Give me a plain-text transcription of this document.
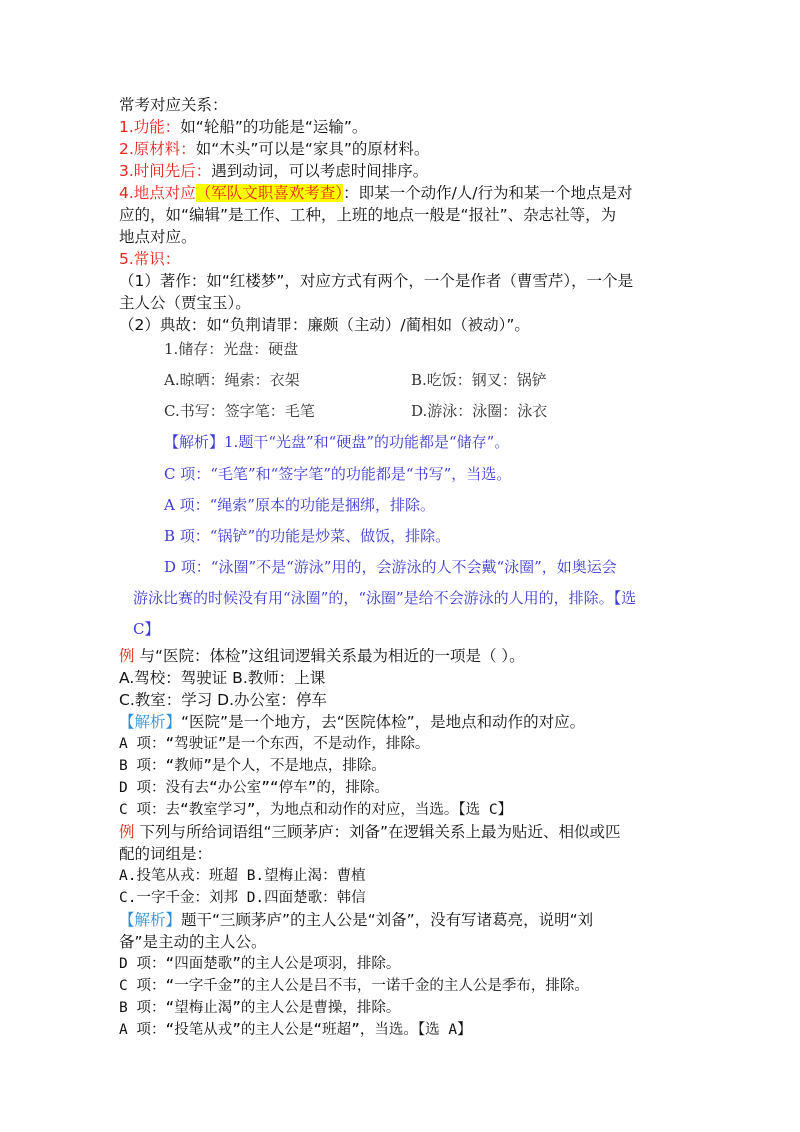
常考对应关系：
1.功能：如“轮船”的功能是“运输”。
2.原材料：如“木头”可以是“家具”的原材料。
3.时间先后：遇到动词，可以考虑时间排序。
4.地点对应（军队文职喜欢考查）：即某一个动作/人/行为和某一个地点是对
应的，如“编辑”是工作、工种，上班的地点一般是“报社”、杂志社等，为
地点对应。
5.常识：
（1）著作：如“红楼梦”，对应方式有两个，一个是作者（曹雪芹），一个是
主人公（贾宝玉）。
（2）典故：如“负荆请罪：廉颇（主动）/蔺相如（被动）”。
1.储存：光盘：硬盘
A.晾晒：绳索：衣架	B.吃饭：钢叉：锅铲
C.书写：签字笔：毛笔	D.游泳：泳圈：泳衣
【解析】1.题干“光盘”和“硬盘”的功能都是“储存”。
C 项：“毛笔”和“签字笔”的功能都是“书写”，当选。
A 项：“绳索”原本的功能是捆绑，排除。
B 项：“锅铲”的功能是炒菜、做饭，排除。
D 项：“泳圈”不是“游泳”用的，会游泳的人不会戴“泳圈”，如奥运会
游泳比赛的时候没有用“泳圈”的，“泳圈”是给不会游泳的人用的，排除。【选
C】
例 与“医院：体检”这组词逻辑关系最为相近的一项是（ ）。
A.驾校：驾驶证 B.教师：上课
C.教室：学习 D.办公室：停车
【解析】“医院”是一个地方，去“医院体检”，是地点和动作的对应。
A 项：“驾驶证”是一个东西，不是动作，排除。
B 项：“教师”是个人，不是地点，排除。
D 项：没有去“办公室”“停车”的，排除。
C 项：去“教室学习”，为地点和动作的对应，当选。【选 C】
例 下列与所给词语组“三顾茅庐：刘备”在逻辑关系上最为贴近、相似或匹
配的词组是：
A.投笔从戎：班超 B.望梅止渴：曹植
C.一字千金：刘邦 D.四面楚歌：韩信
【解析】题干“三顾茅庐”的主人公是“刘备”，没有写诸葛亮，说明“刘
备”是主动的主人公。
D 项：“四面楚歌”的主人公是项羽，排除。
C 项：“一字千金”的主人公是吕不韦，一诺千金的主人公是季布，排除。
B 项：“望梅止渴”的主人公是曹操，排除。
A 项：“投笔从戎”的主人公是“班超”，当选。【选 A】
